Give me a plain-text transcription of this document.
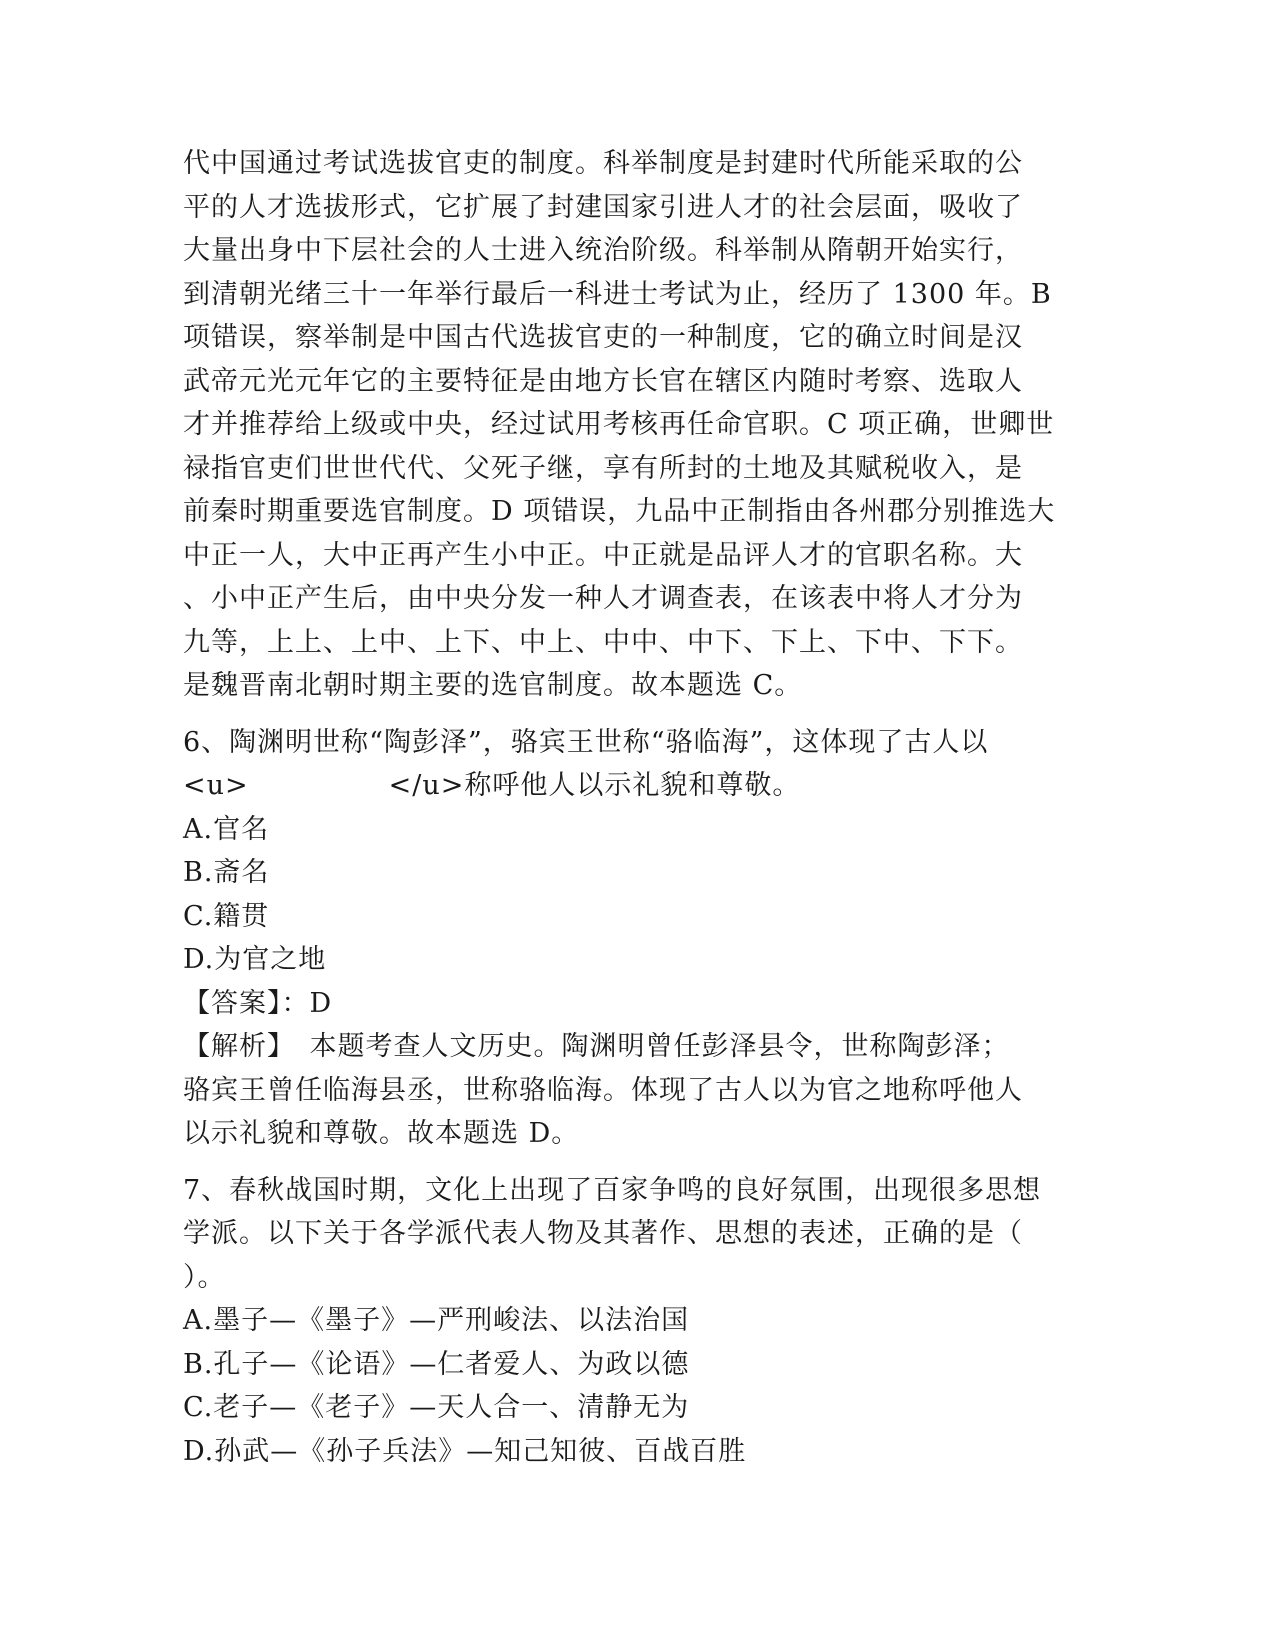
代中国通过考试选拔官吏的制度。科举制度是封建时代所能采取的公
平的人才选拔形式，它扩展了封建国家引进人才的社会层面，吸收了
大量出身中下层社会的人士进入统治阶级。科举制从隋朝开始实行，
到清朝光绪三十一年举行最后一科进士考试为止，经历了 1300 年。B
项错误，察举制是中国古代选拔官吏的一种制度，它的确立时间是汉
武帝元光元年它的主要特征是由地方长官在辖区内随时考察、选取人
才并推荐给上级或中央，经过试用考核再任命官职。C 项正确，世卿世
禄指官吏们世世代代、父死子继，享有所封的土地及其赋税收入，是
前秦时期重要选官制度。D 项错误，九品中正制指由各州郡分别推选大
中正一人，大中正再产生小中正。中正就是品评人才的官职名称。大
、小中正产生后，由中央分发一种人才调查表，在该表中将人才分为
九等，上上、上中、上下、中上、中中、中下、下上、下中、下下。
是魏晋南北朝时期主要的选官制度。故本题选 C。
6、陶渊明世称“陶彭泽”，骆宾王世称“骆临海”，这体现了古人以
<u>　　　　　</u>称呼他人以示礼貌和尊敬。
A.官名
B.斋名
C.籍贯
D.为官之地
【答案】：D
【解析】　本题考查人文历史。陶渊明曾任彭泽县令，世称陶彭泽；
骆宾王曾任临海县丞，世称骆临海。体现了古人以为官之地称呼他人
以示礼貌和尊敬。故本题选 D。
7、春秋战国时期，文化上出现了百家争鸣的良好氛围，出现很多思想
学派。以下关于各学派代表人物及其著作、思想的表述，正确的是（
）。
A.墨子—《墨子》—严刑峻法、以法治国
B.孔子—《论语》—仁者爱人、为政以德
C.老子—《老子》—天人合一、清静无为
D.孙武—《孙子兵法》—知己知彼、百战百胜
